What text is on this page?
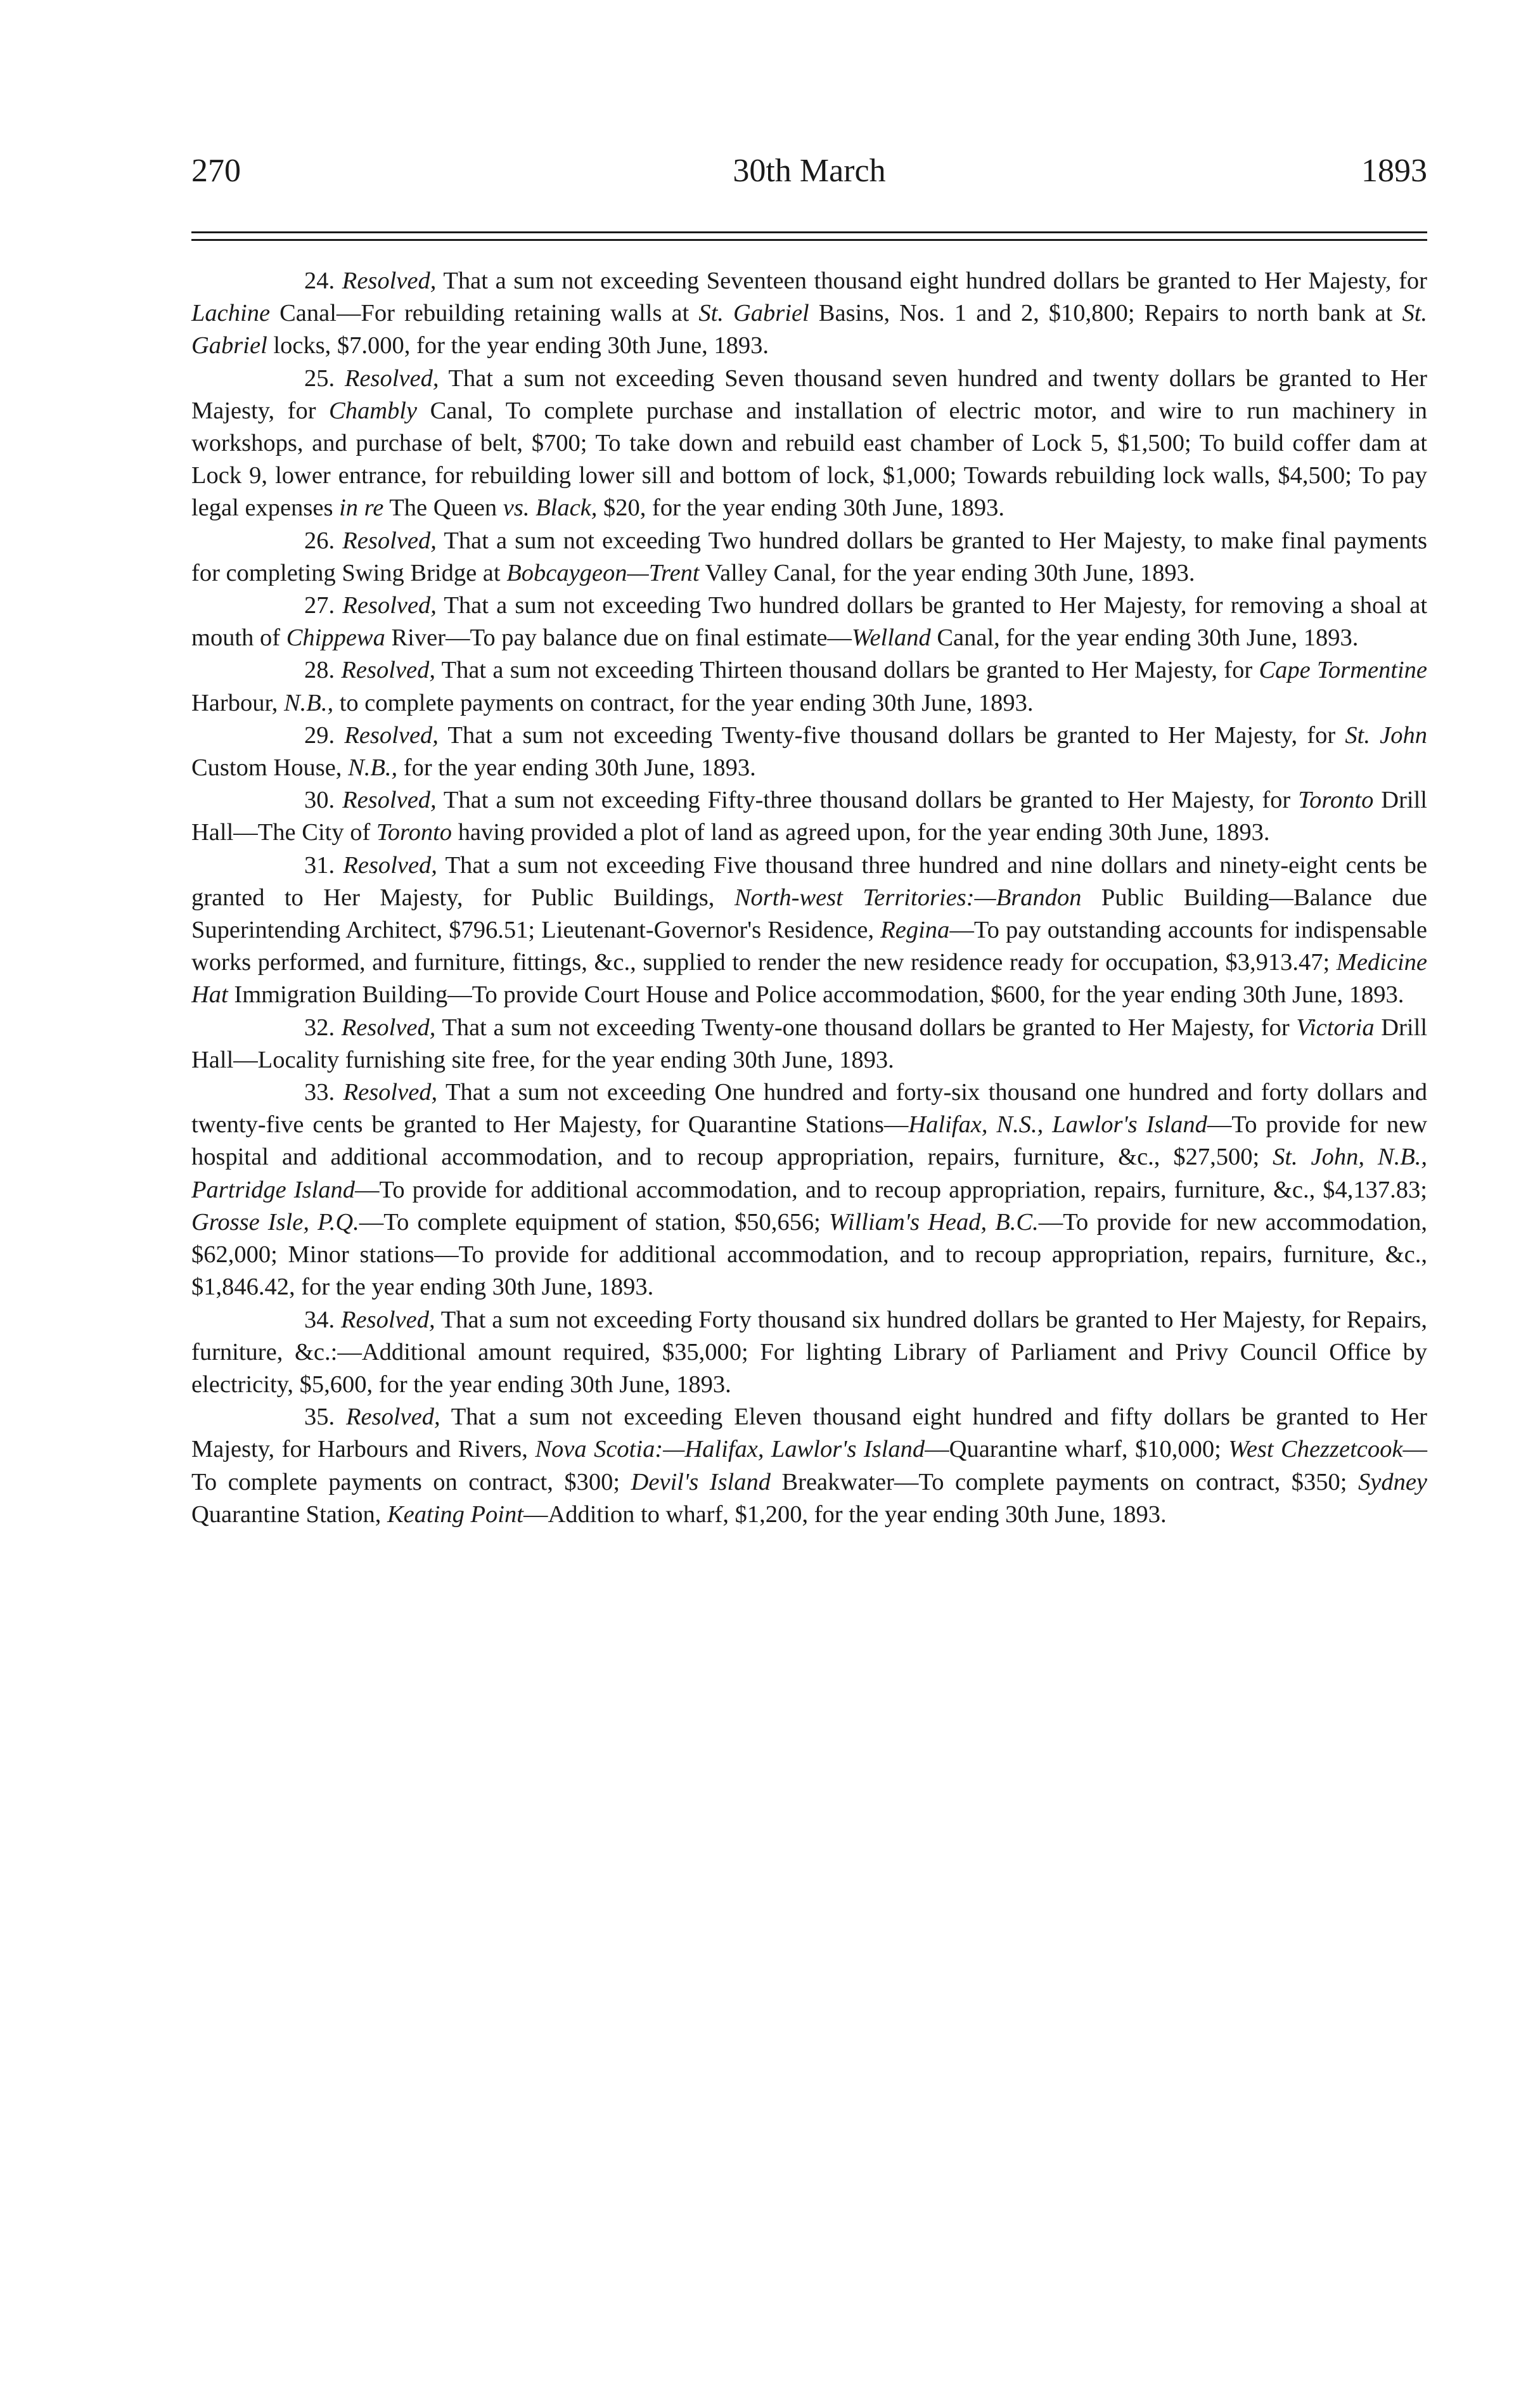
270	30th March	1893

24. Resolved, That a sum not exceeding Seventeen thousand eight hundred dollars be granted to Her Majesty, for Lachine Canal—For rebuilding retaining walls at St. Gabriel Basins, Nos. 1 and 2, $10,800; Repairs to north bank at St. Gabriel locks, $7.000, for the year ending 30th June, 1893.

25. Resolved, That a sum not exceeding Seven thousand seven hundred and twenty dollars be granted to Her Majesty, for Chambly Canal, To complete purchase and installation of electric motor, and wire to run machinery in workshops, and purchase of belt, $700; To take down and rebuild east chamber of Lock 5, $1,500; To build coffer dam at Lock 9, lower entrance, for rebuilding lower sill and bottom of lock, $1,000; Towards rebuilding lock walls, $4,500; To pay legal expenses in re The Queen vs. Black, $20, for the year ending 30th June, 1893.

26. Resolved, That a sum not exceeding Two hundred dollars be granted to Her Majesty, to make final payments for completing Swing Bridge at Bobcaygeon—Trent Valley Canal, for the year ending 30th June, 1893.

27. Resolved, That a sum not exceeding Two hundred dollars be granted to Her Majesty, for removing a shoal at mouth of Chippewa River—To pay balance due on final estimate—Welland Canal, for the year ending 30th June, 1893.

28. Resolved, That a sum not exceeding Thirteen thousand dollars be granted to Her Majesty, for Cape Tormentine Harbour, N.B., to complete payments on contract, for the year ending 30th June, 1893.

29. Resolved, That a sum not exceeding Twenty-five thousand dollars be granted to Her Majesty, for St. John Custom House, N.B., for the year ending 30th June, 1893.

30. Resolved, That a sum not exceeding Fifty-three thousand dollars be granted to Her Majesty, for Toronto Drill Hall—The City of Toronto having provided a plot of land as agreed upon, for the year ending 30th June, 1893.

31. Resolved, That a sum not exceeding Five thousand three hundred and nine dollars and ninety-eight cents be granted to Her Majesty, for Public Buildings, North-west Territories:—Brandon Public Building—Balance due Superintending Architect, $796.51; Lieutenant-Governor's Residence, Regina—To pay outstanding accounts for indispensable works performed, and furniture, fittings, &c., supplied to render the new residence ready for occupation, $3,913.47; Medicine Hat Immigration Building—To provide Court House and Police accommodation, $600, for the year ending 30th June, 1893.

32. Resolved, That a sum not exceeding Twenty-one thousand dollars be granted to Her Majesty, for Victoria Drill Hall—Locality furnishing site free, for the year ending 30th June, 1893.

33. Resolved, That a sum not exceeding One hundred and forty-six thousand one hundred and forty dollars and twenty-five cents be granted to Her Majesty, for Quarantine Stations—Halifax, N.S., Lawlor's Island—To provide for new hospital and additional accommodation, and to recoup appropriation, repairs, furniture, &c., $27,500; St. John, N.B., Partridge Island—To provide for additional accommodation, and to recoup appropriation, repairs, furniture, &c., $4,137.83; Grosse Isle, P.Q.—To complete equipment of station, $50,656; William's Head, B.C.—To provide for new accommodation, $62,000; Minor stations—To provide for additional accommodation, and to recoup appropriation, repairs, furniture, &c., $1,846.42, for the year ending 30th June, 1893.

34. Resolved, That a sum not exceeding Forty thousand six hundred dollars be granted to Her Majesty, for Repairs, furniture, &c.:—Additional amount required, $35,000; For lighting Library of Parliament and Privy Council Office by electricity, $5,600, for the year ending 30th June, 1893.

35. Resolved, That a sum not exceeding Eleven thousand eight hundred and fifty dollars be granted to Her Majesty, for Harbours and Rivers, Nova Scotia:—Halifax, Lawlor's Island—Quarantine wharf, $10,000; West Chezzetcook—To complete payments on contract, $300; Devil's Island Breakwater—To complete payments on contract, $350; Sydney Quarantine Station, Keating Point—Addition to wharf, $1,200, for the year ending 30th June, 1893.
